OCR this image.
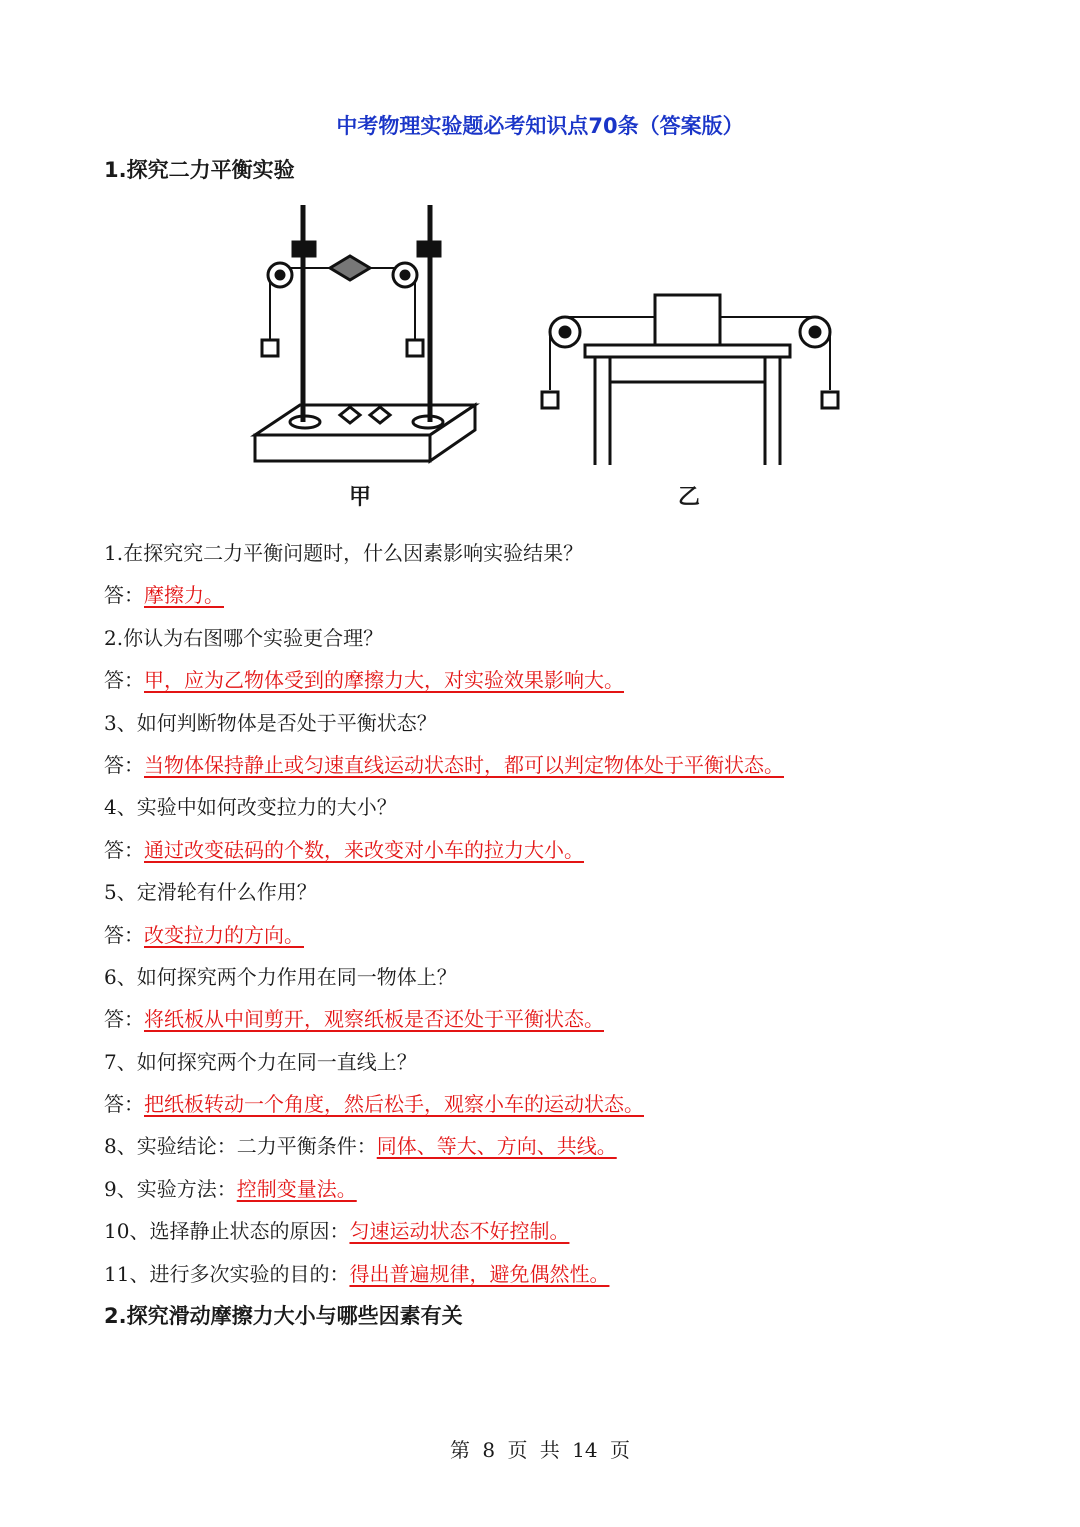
中考物理实验题必考知识点70条（答案版）
1.探究二力平衡实验
甲	乙
1.在探究究二力平衡问题时，什么因素影响实验结果？
答：摩擦力。
2.你认为右图哪个实验更合理？
答：甲，应为乙物体受到的摩擦力大，对实验效果影响大。
3、如何判断物体是否处于平衡状态？
答：当物体保持静止或匀速直线运动状态时，都可以判定物体处于平衡状态。
4、实验中如何改变拉力的大小？
答：通过改变砝码的个数，来改变对小车的拉力大小。
5、定滑轮有什么作用？
答：改变拉力的方向。
6、如何探究两个力作用在同一物体上？
答：将纸板从中间剪开，观察纸板是否还处于平衡状态。
7、如何探究两个力在同一直线上？
答：把纸板转动一个角度，然后松手，观察小车的运动状态。
8、实验结论：二力平衡条件：同体、等大、方向、共线。
9、实验方法：控制变量法。
10、选择静止状态的原因：匀速运动状态不好控制。
11、进行多次实验的目的：得出普遍规律，避免偶然性。
2.探究滑动摩擦力大小与哪些因素有关
第 8 页 共 14 页
